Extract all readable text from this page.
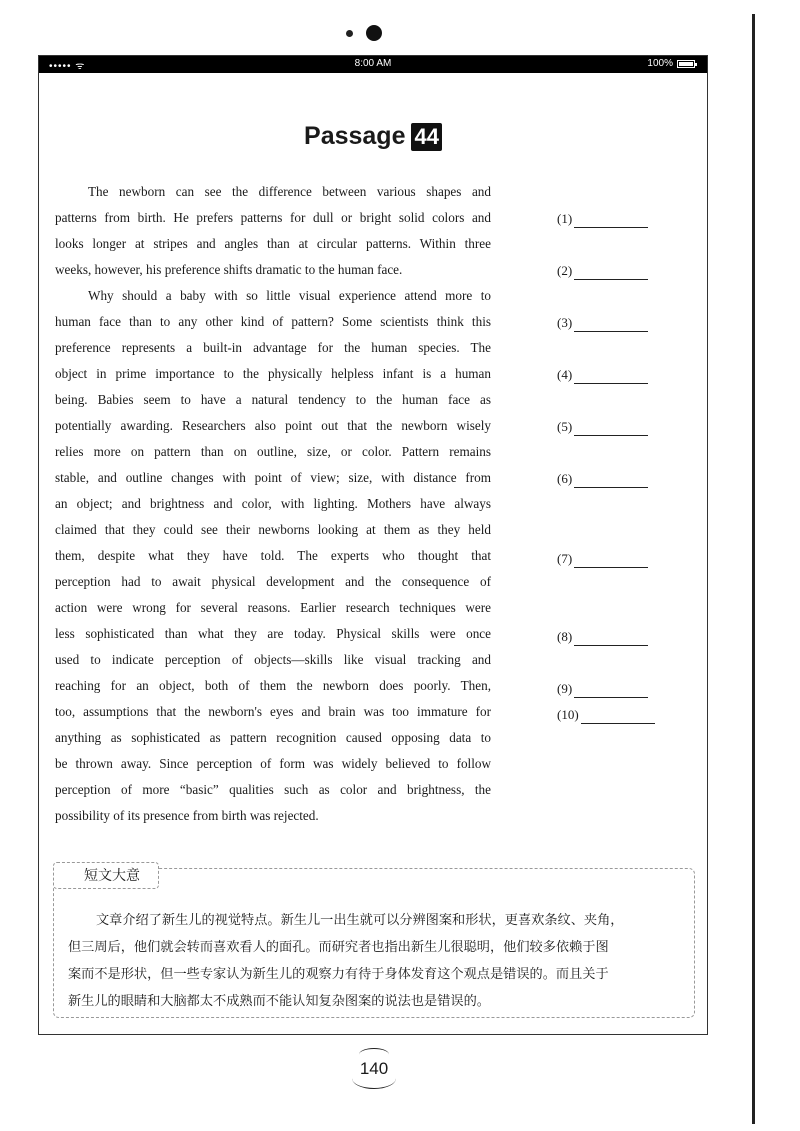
••••• ᯤ	8:00 AM	100%
Passage 44
The newborn can see the difference between various shapes and
patterns from birth. He prefers patterns for dull or bright solid colors and
looks longer at stripes and angles than at circular patterns. Within three
weeks, however, his preference shifts dramatic to the human face.
Why should a baby with so little visual experience attend more to
human face than to any other kind of pattern? Some scientists think this
preference represents a built-in advantage for the human species. The
object in prime importance to the physically helpless infant is a human
being. Babies seem to have a natural tendency to the human face as
potentially awarding. Researchers also point out that the newborn wisely
relies more on pattern than on outline, size, or color. Pattern remains
stable, and outline changes with point of view; size, with distance from
an object; and brightness and color, with lighting. Mothers have always
claimed that they could see their newborns looking at them as they held
them, despite what they have told. The experts who thought that
perception had to await physical development and the consequence of
action were wrong for several reasons. Earlier research techniques were
less sophisticated than what they are today. Physical skills were once
used to indicate perception of objects—skills like visual tracking and
reaching for an object, both of them the newborn does poorly. Then,
too, assumptions that the newborn's eyes and brain was too immature for
anything as sophisticated as pattern recognition caused opposing data to
be thrown away. Since perception of form was widely believed to follow
perception of more “basic” qualities such as color and brightness, the
possibility of its presence from birth was rejected.
(1)
(2)
(3)
(4)
(5)
(6)
(7)
(8)
(9)
(10)
短文大意
文章介绍了新生儿的视觉特点。新生儿一出生就可以分辨图案和形状，更喜欢条纹、夹角，
但三周后，他们就会转而喜欢看人的面孔。而研究者也指出新生儿很聪明，他们较多依赖于图
案而不是形状，但一些专家认为新生儿的观察力有待于身体发育这个观点是错误的。而且关于
新生儿的眼睛和大脑都太不成熟而不能认知复杂图案的说法也是错误的。
140
